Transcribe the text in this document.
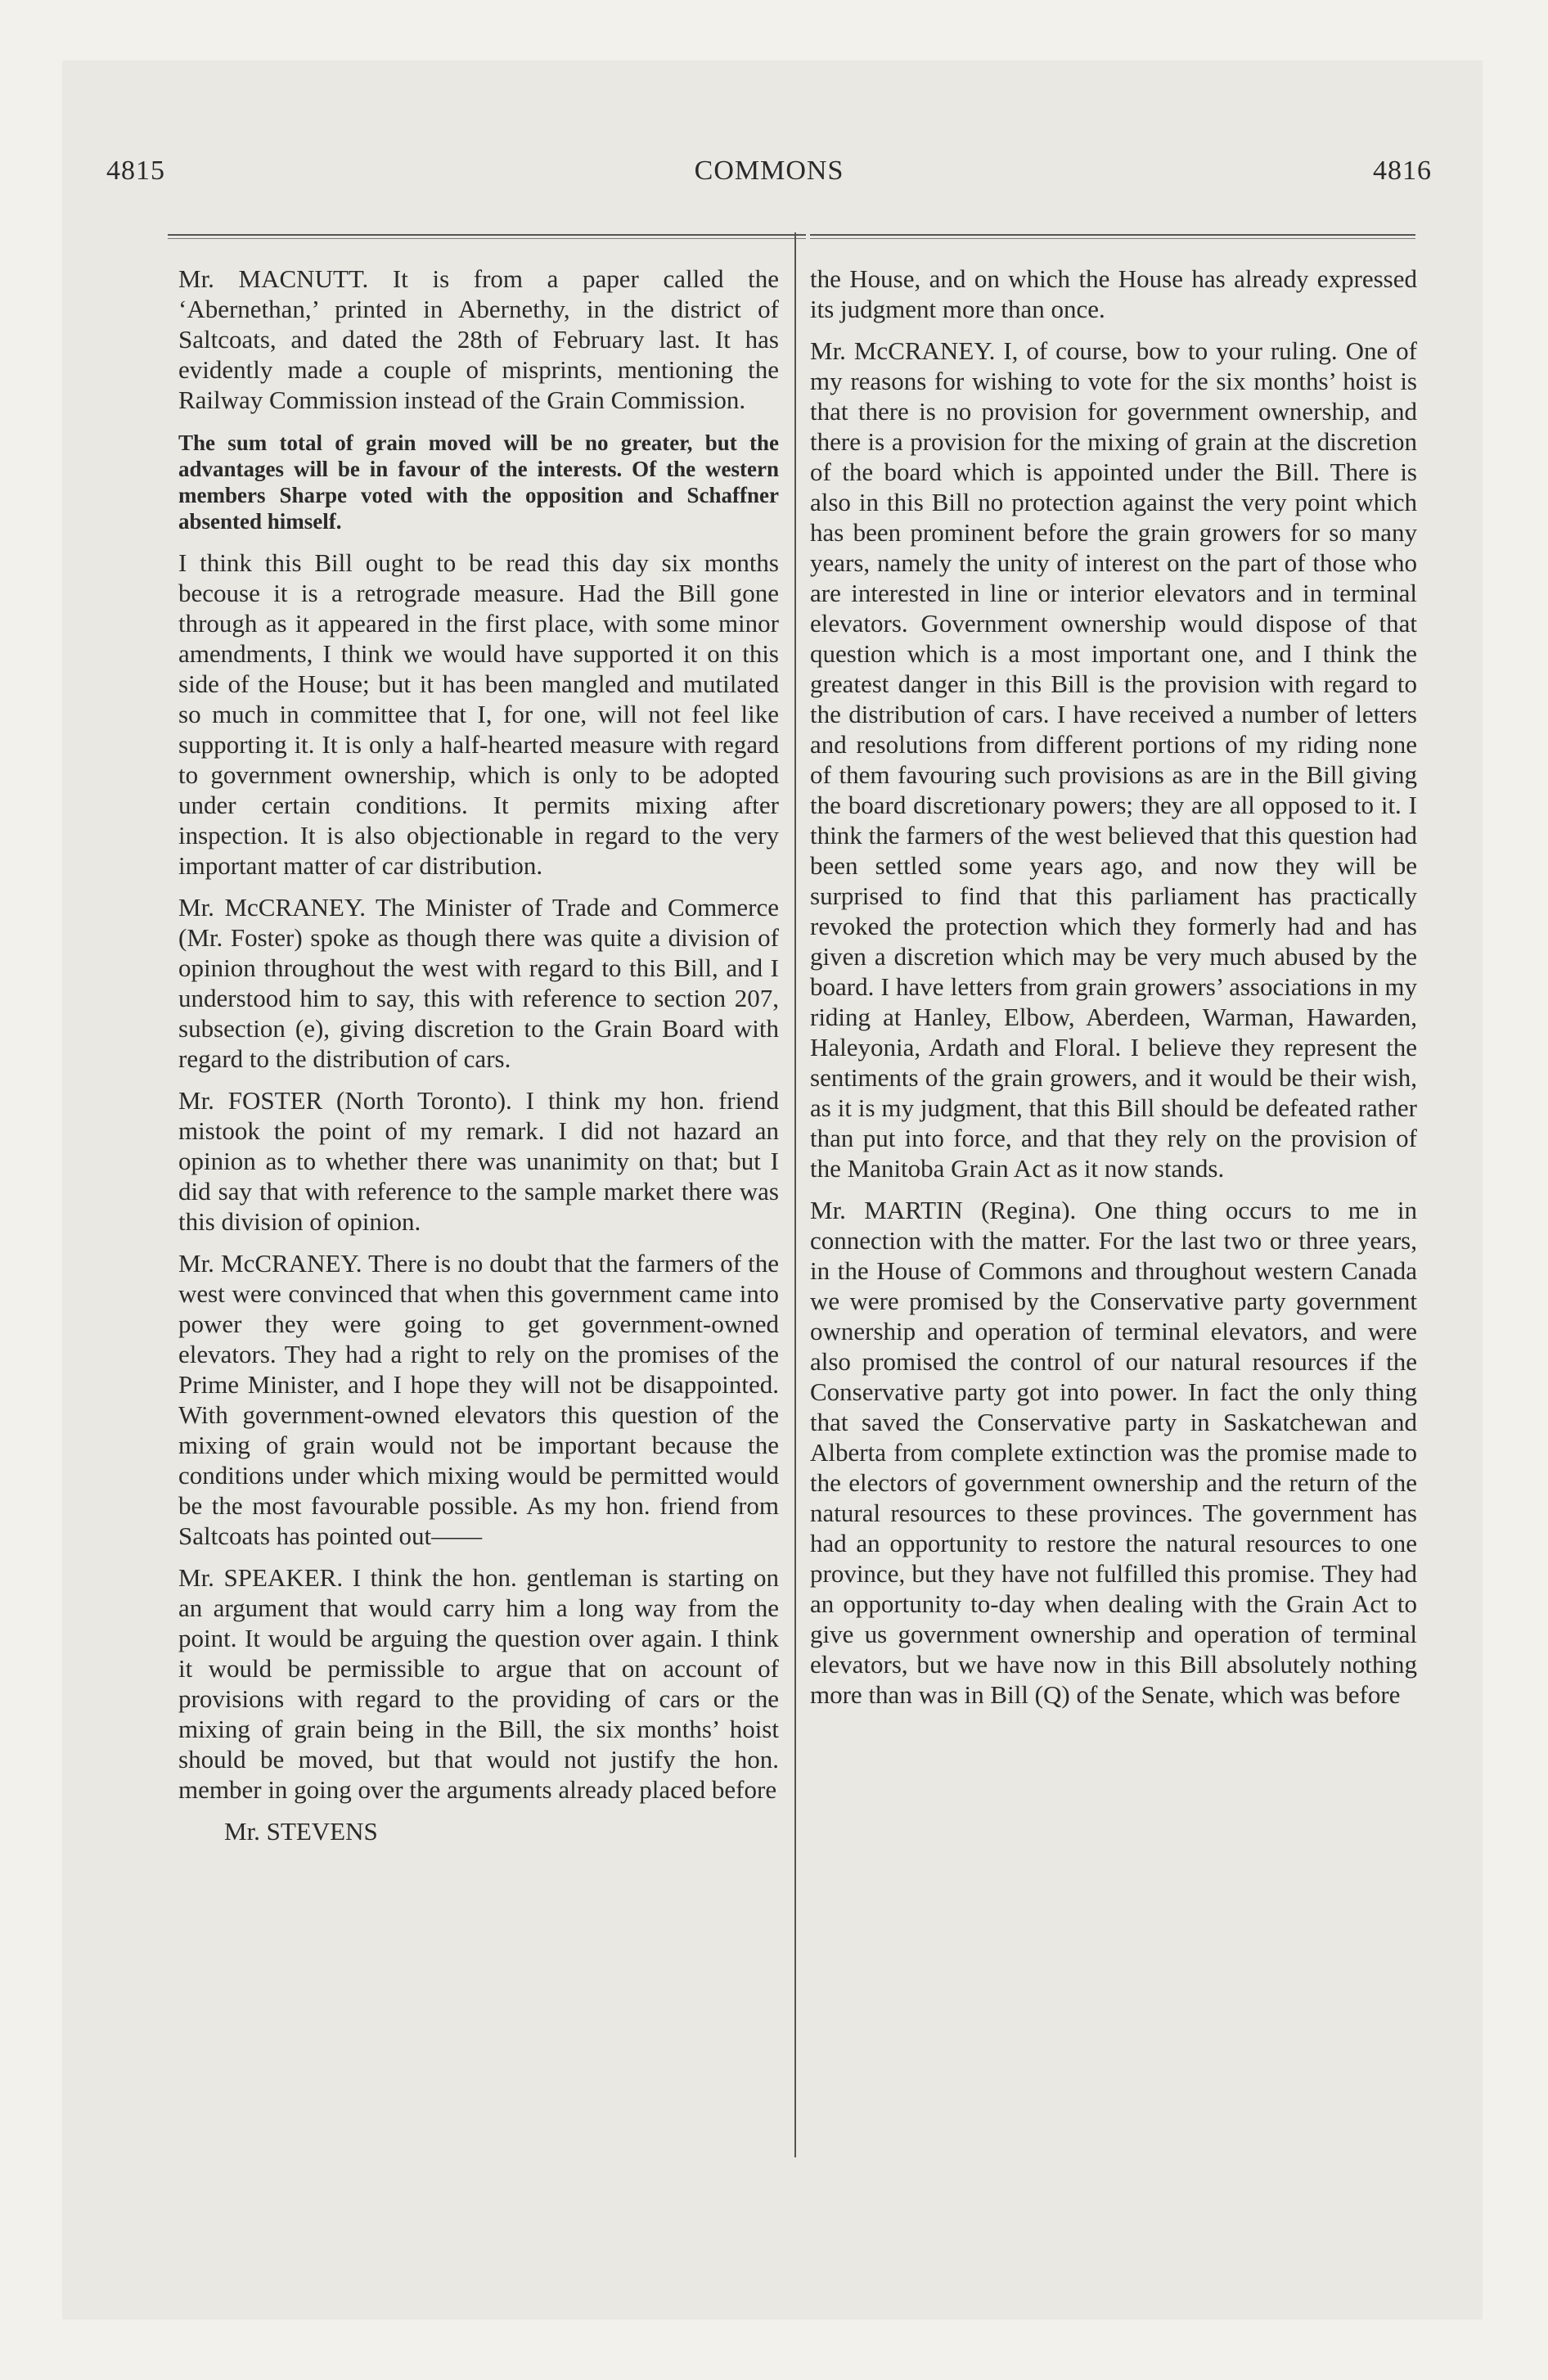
4815	COMMONS	4816

Mr. MACNUTT. It is from a paper called the ‘Abernethan,’ printed in Abernethy, in the district of Saltcoats, and dated the 28th of February last. It has evidently made a couple of misprints, mentioning the Railway Commission instead of the Grain Commission.

The sum total of grain moved will be no greater, but the advantages will be in favour of the interests. Of the western members Sharpe voted with the opposition and Schaffner absented himself.

I think this Bill ought to be read this day six months becouse it is a retrograde measure. Had the Bill gone through as it appeared in the first place, with some minor amendments, I think we would have supported it on this side of the House; but it has been mangled and mutilated so much in committee that I, for one, will not feel like supporting it. It is only a half-hearted measure with regard to government ownership, which is only to be adopted under certain conditions. It permits mixing after inspection. It is also objectionable in regard to the very important matter of car distribution.

Mr. McCRANEY. The Minister of Trade and Commerce (Mr. Foster) spoke as though there was quite a division of opinion throughout the west with regard to this Bill, and I understood him to say, this with reference to section 207, subsection (e), giving discretion to the Grain Board with regard to the distribution of cars.

Mr. FOSTER (North Toronto). I think my hon. friend mistook the point of my remark. I did not hazard an opinion as to whether there was unanimity on that; but I did say that with reference to the sample market there was this division of opinion.

Mr. McCRANEY. There is no doubt that the farmers of the west were convinced that when this government came into power they were going to get government-owned elevators. They had a right to rely on the promises of the Prime Minister, and I hope they will not be disappointed. With government-owned elevators this question of the mixing of grain would not be important because the conditions under which mixing would be permitted would be the most favourable possible. As my hon. friend from Saltcoats has pointed out——

Mr. SPEAKER. I think the hon. gentleman is starting on an argument that would carry him a long way from the point. It would be arguing the question over again. I think it would be permissible to argue that on account of provisions with regard to the providing of cars or the mixing of grain being in the Bill, the six months’ hoist should be moved, but that would not justify the hon. member in going over the arguments already placed before

Mr. STEVENS

the House, and on which the House has already expressed its judgment more than once.

Mr. McCRANEY. I, of course, bow to your ruling. One of my reasons for wishing to vote for the six months’ hoist is that there is no provision for government ownership, and there is a provision for the mixing of grain at the discretion of the board which is appointed under the Bill. There is also in this Bill no protection against the very point which has been prominent before the grain growers for so many years, namely the unity of interest on the part of those who are interested in line or interior elevators and in terminal elevators. Government ownership would dispose of that question which is a most important one, and I think the greatest danger in this Bill is the provision with regard to the distribution of cars. I have received a number of letters and resolutions from different portions of my riding none of them favouring such provisions as are in the Bill giving the board discretionary powers; they are all opposed to it. I think the farmers of the west believed that this question had been settled some years ago, and now they will be surprised to find that this parliament has practically revoked the protection which they formerly had and has given a discretion which may be very much abused by the board. I have letters from grain growers’ associations in my riding at Hanley, Elbow, Aberdeen, Warman, Hawarden, Haleyonia, Ardath and Floral. I believe they represent the sentiments of the grain growers, and it would be their wish, as it is my judgment, that this Bill should be defeated rather than put into force, and that they rely on the provision of the Manitoba Grain Act as it now stands.

Mr. MARTIN (Regina). One thing occurs to me in connection with the matter. For the last two or three years, in the House of Commons and throughout western Canada we were promised by the Conservative party government ownership and operation of terminal elevators, and were also promised the control of our natural resources if the Conservative party got into power. In fact the only thing that saved the Conservative party in Saskatchewan and Alberta from complete extinction was the promise made to the electors of government ownership and the return of the natural resources to these provinces. The government has had an opportunity to restore the natural resources to one province, but they have not fulfilled this promise. They had an opportunity to-day when dealing with the Grain Act to give us government ownership and operation of terminal elevators, but we have now in this Bill absolutely nothing more than was in Bill (Q) of the Senate, which was before
